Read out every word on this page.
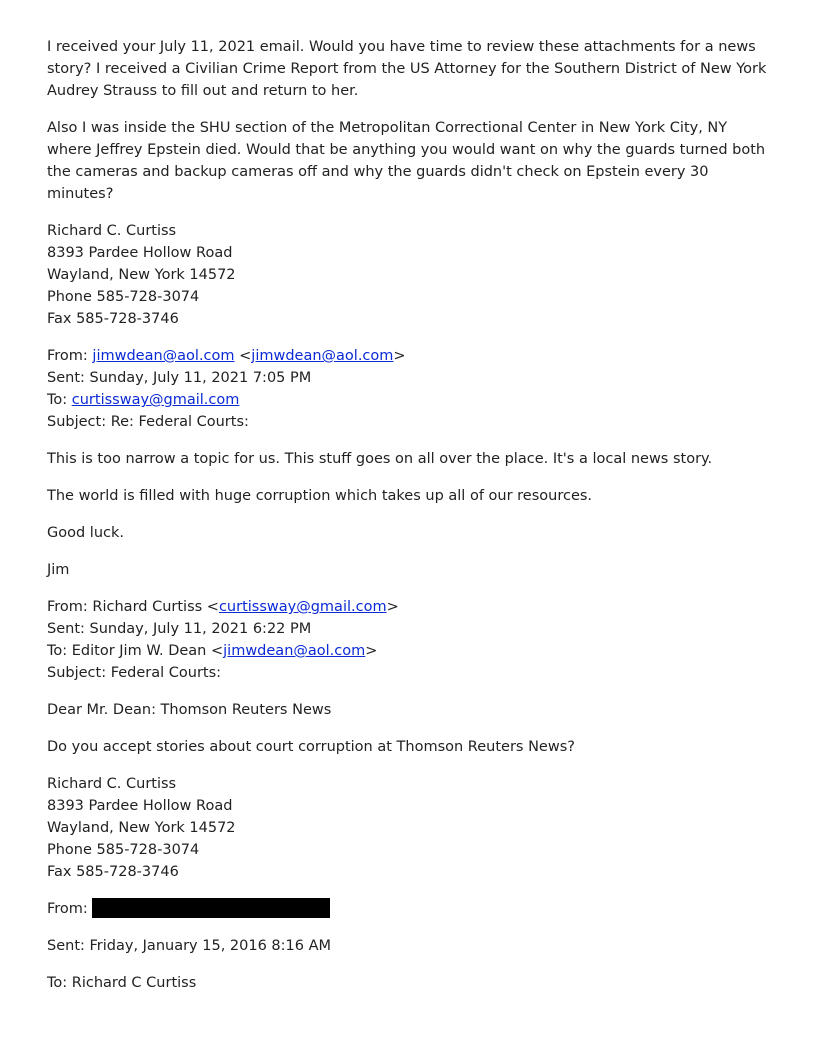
I received your July 11, 2021 email. Would you have time to review these attachments for a news story? I received a Civilian Crime Report from the US Attorney for the Southern District of New York Audrey Strauss to fill out and return to her.

Also I was inside the SHU section of the Metropolitan Correctional Center in New York City, NY where Jeffrey Epstein died. Would that be anything you would want on why the guards turned both the cameras and backup cameras off and why the guards didn't check on Epstein every 30 minutes?

Richard C. Curtiss
8393 Pardee Hollow Road
Wayland, New York 14572
Phone 585-728-3074
Fax 585-728-3746
From: jimwdean@aol.com <jimwdean@aol.com>
Sent: Sunday, July 11, 2021 7:05 PM
To: curtissway@gmail.com
Subject: Re: Federal Courts:

This is too narrow a topic for us. This stuff goes on all over the place. It's a local news story.

The world is filled with huge corruption which takes up all of our resources.

Good luck.

Jim

From: Richard Curtiss <curtissway@gmail.com>
Sent: Sunday, July 11, 2021 6:22 PM
To: Editor Jim W. Dean <jimwdean@aol.com>
Subject: Federal Courts:

Dear Mr. Dean: Thomson Reuters News

Do you accept stories about court corruption at Thomson Reuters News?

Richard C. Curtiss
8393 Pardee Hollow Road
Wayland, New York 14572
Phone 585-728-3074
Fax 585-728-3746

From:

Sent: Friday, January 15, 2016 8:16 AM

To: Richard C Curtiss
